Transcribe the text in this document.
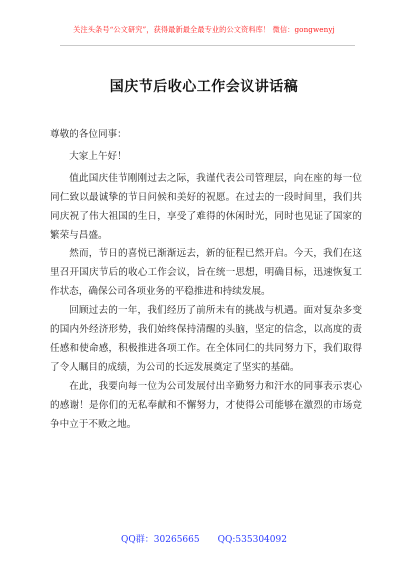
关注头条号“公文研究”，获得最新最全最专业的公文资料库！ 微信：gongwenyj
国庆节后收心工作会议讲话稿

尊敬的各位同事：

大家上午好！

值此国庆佳节刚刚过去之际，我谨代表公司管理层，向在座的每一位同仁致以最诚挚的节日问候和美好的祝愿。在过去的一段时间里，我们共同庆祝了伟大祖国的生日，享受了难得的休闲时光，同时也见证了国家的繁荣与昌盛。

然而，节日的喜悦已渐渐远去，新的征程已然开启。今天，我们在这里召开国庆节后的收心工作会议，旨在统一思想，明确目标，迅速恢复工作状态，确保公司各项业务的平稳推进和持续发展。

回顾过去的一年，我们经历了前所未有的挑战与机遇。面对复杂多变的国内外经济形势，我们始终保持清醒的头脑，坚定的信念，以高度的责任感和使命感，积极推进各项工作。在全体同仁的共同努力下，我们取得了令人瞩目的成绩，为公司的长远发展奠定了坚实的基础。

在此，我要向每一位为公司发展付出辛勤努力和汗水的同事表示衷心的感谢！是你们的无私奉献和不懈努力，才使得公司能够在激烈的市场竞争中立于不败之地。

QQ群：30265665 QQ:535304092
